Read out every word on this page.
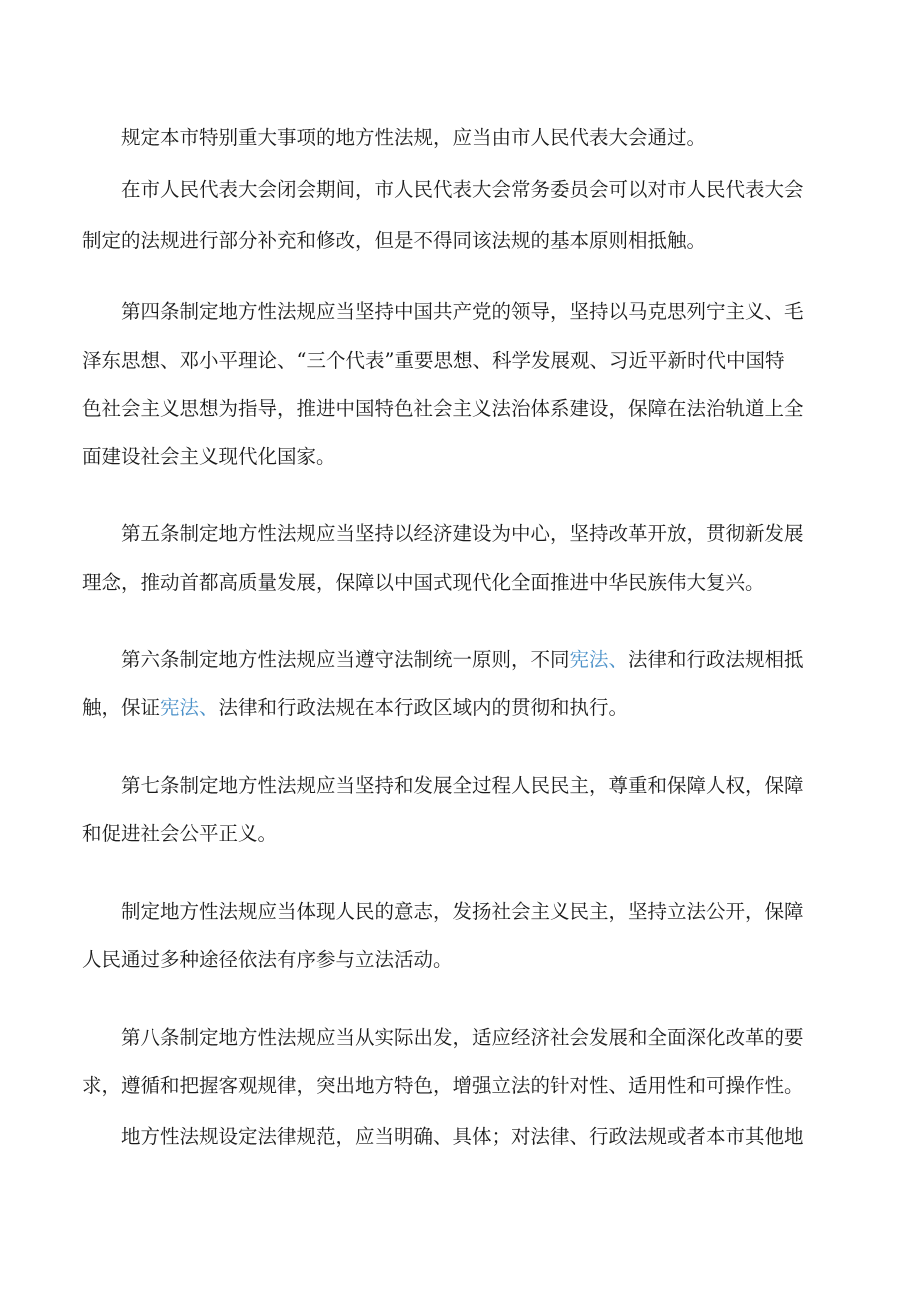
规定本市特别重大事项的地方性法规，应当由市人民代表大会通过。
在市人民代表大会闭会期间，市人民代表大会常务委员会可以对市人民代表大会
制定的法规进行部分补充和修改，但是不得同该法规的基本原则相抵触。
第四条制定地方性法规应当坚持中国共产党的领导，坚持以马克思列宁主义、毛
泽东思想、邓小平理论、“三个代表”重要思想、科学发展观、习近平新时代中国特
色社会主义思想为指导，推进中国特色社会主义法治体系建设，保障在法治轨道上全
面建设社会主义现代化国家。
第五条制定地方性法规应当坚持以经济建设为中心，坚持改革开放，贯彻新发展
理念，推动首都高质量发展，保障以中国式现代化全面推进中华民族伟大复兴。
第六条制定地方性法规应当遵守法制统一原则，不同宪法、法律和行政法规相抵
触，保证宪法、法律和行政法规在本行政区域内的贯彻和执行。
第七条制定地方性法规应当坚持和发展全过程人民民主，尊重和保障人权，保障
和促进社会公平正义。
制定地方性法规应当体现人民的意志，发扬社会主义民主，坚持立法公开，保障
人民通过多种途径依法有序参与立法活动。
第八条制定地方性法规应当从实际出发，适应经济社会发展和全面深化改革的要
求，遵循和把握客观规律，突出地方特色，增强立法的针对性、适用性和可操作性。
地方性法规设定法律规范，应当明确、具体；对法律、行政法规或者本市其他地
